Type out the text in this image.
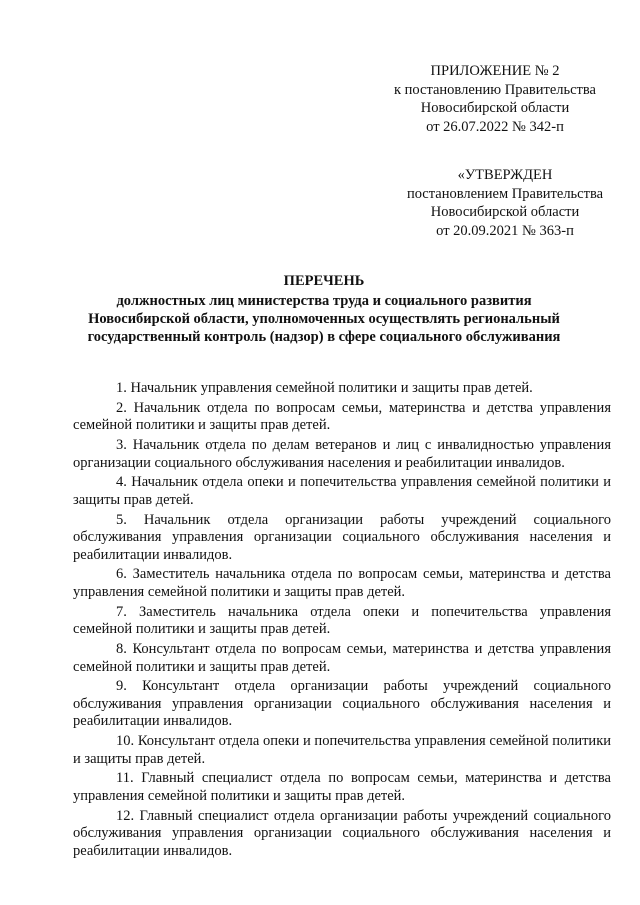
ПРИЛОЖЕНИЕ № 2
к постановлению Правительства
Новосибирской области
от 26.07.2022 № 342-п
«УТВЕРЖДЕН
постановлением Правительства
Новосибирской области
от 20.09.2021 № 363-п
ПЕРЕЧЕНЬ
должностных лиц министерства труда и социального развития
Новосибирской области, уполномоченных осуществлять региональный
государственный контроль (надзор) в сфере социального обслуживания

1. Начальник управления семейной политики и защиты прав детей.

2. Начальник отдела по вопросам семьи, материнства и детства управления семейной политики и защиты прав детей.

3. Начальник отдела по делам ветеранов и лиц с инвалидностью управления организации социального обслуживания населения и реабилитации инвалидов.

4. Начальник отдела опеки и попечительства управления семейной политики и защиты прав детей.

5. Начальник отдела организации работы учреждений социального обслуживания управления организации социального обслуживания населения и реабилитации инвалидов.

6. Заместитель начальника отдела по вопросам семьи, материнства и детства управления семейной политики и защиты прав детей.

7. Заместитель начальника отдела опеки и попечительства управления семейной политики и защиты прав детей.

8. Консультант отдела по вопросам семьи, материнства и детства управления семейной политики и защиты прав детей.

9. Консультант отдела организации работы учреждений социального обслуживания управления организации социального обслуживания населения и реабилитации инвалидов.

10. Консультант отдела опеки и попечительства управления семейной политики и защиты прав детей.

11. Главный специалист отдела по вопросам семьи, материнства и детства управления семейной политики и защиты прав детей.

12. Главный специалист отдела организации работы учреждений социального обслуживания управления организации социального обслуживания населения и реабилитации инвалидов.
